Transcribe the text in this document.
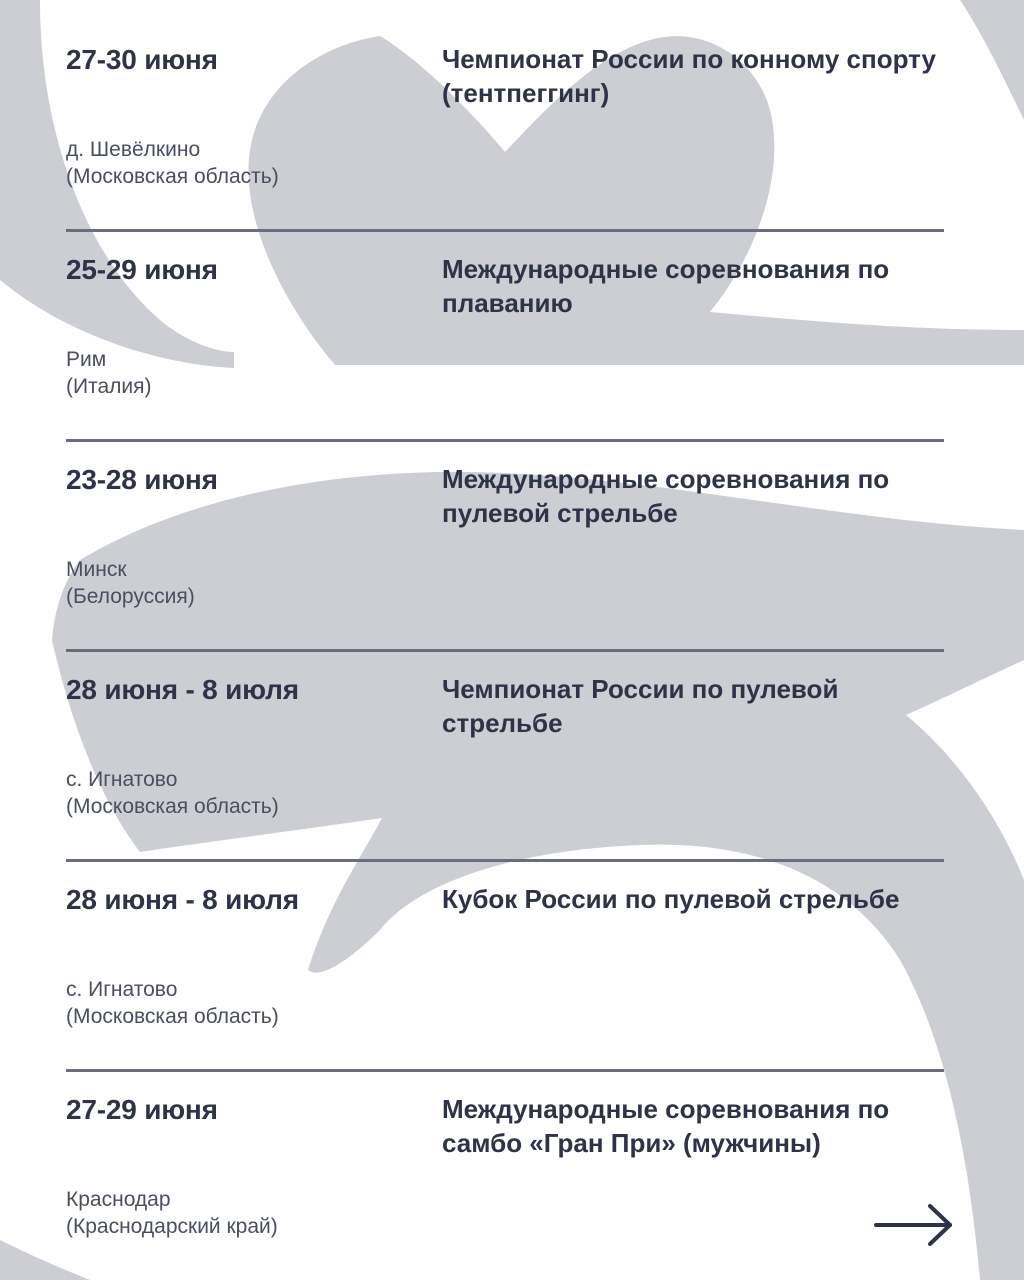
27-30 июня	Чемпионат России по конному спорту (тентпеггинг)
д. Шевёлкино
(Московская область)
25-29 июня	Международные соревнования по плаванию
Рим
(Италия)
23-28 июня	Международные соревнования по пулевой стрельбе
Минск
(Белоруссия)
28 июня - 8 июля	Чемпионат России по пулевой стрельбе
с. Игнатово
(Московская область)
28 июня - 8 июля	Кубок России по пулевой стрельбе
с. Игнатово
(Московская область)
27-29 июня	Международные соревнования по самбо «Гран При» (мужчины)
Краснодар
(Краснодарский край)
